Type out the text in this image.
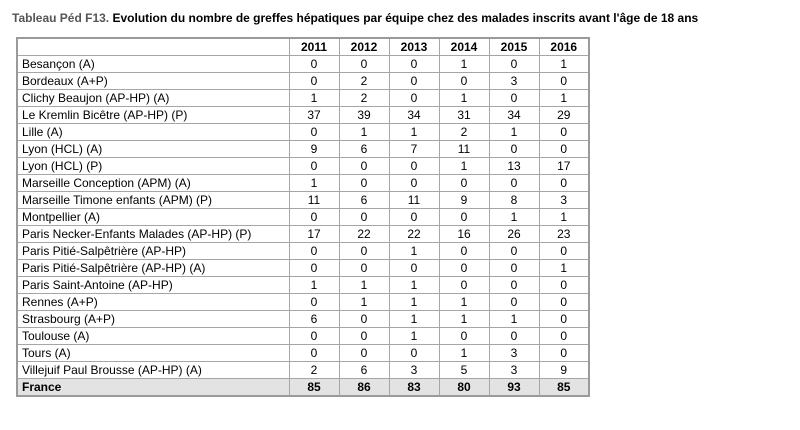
Tableau Péd F13. Evolution du nombre de greffes hépatiques par équipe chez des malades inscrits avant l'âge de 18 ans
	2011	2012	2013	2014	2015	2016
Besançon (A)	0	0	0	1	0	1
Bordeaux (A+P)	0	2	0	0	3	0
Clichy Beaujon (AP-HP) (A)	1	2	0	1	0	1
Le Kremlin Bicêtre (AP-HP) (P)	37	39	34	31	34	29
Lille (A)	0	1	1	2	1	0
Lyon (HCL) (A)	9	6	7	11	0	0
Lyon (HCL) (P)	0	0	0	1	13	17
Marseille Conception (APM) (A)	1	0	0	0	0	0
Marseille Timone enfants (APM) (P)	11	6	11	9	8	3
Montpellier (A)	0	0	0	0	1	1
Paris Necker-Enfants Malades (AP-HP) (P)	17	22	22	16	26	23
Paris Pitié-Salpêtrière (AP-HP)	0	0	1	0	0	0
Paris Pitié-Salpêtrière (AP-HP) (A)	0	0	0	0	0	1
Paris Saint-Antoine (AP-HP)	1	1	1	0	0	0
Rennes (A+P)	0	1	1	1	0	0
Strasbourg (A+P)	6	0	1	1	1	0
Toulouse (A)	0	0	1	0	0	0
Tours (A)	0	0	0	1	3	0
Villejuif Paul Brousse (AP-HP) (A)	2	6	3	5	3	9
France	85	86	83	80	93	85
